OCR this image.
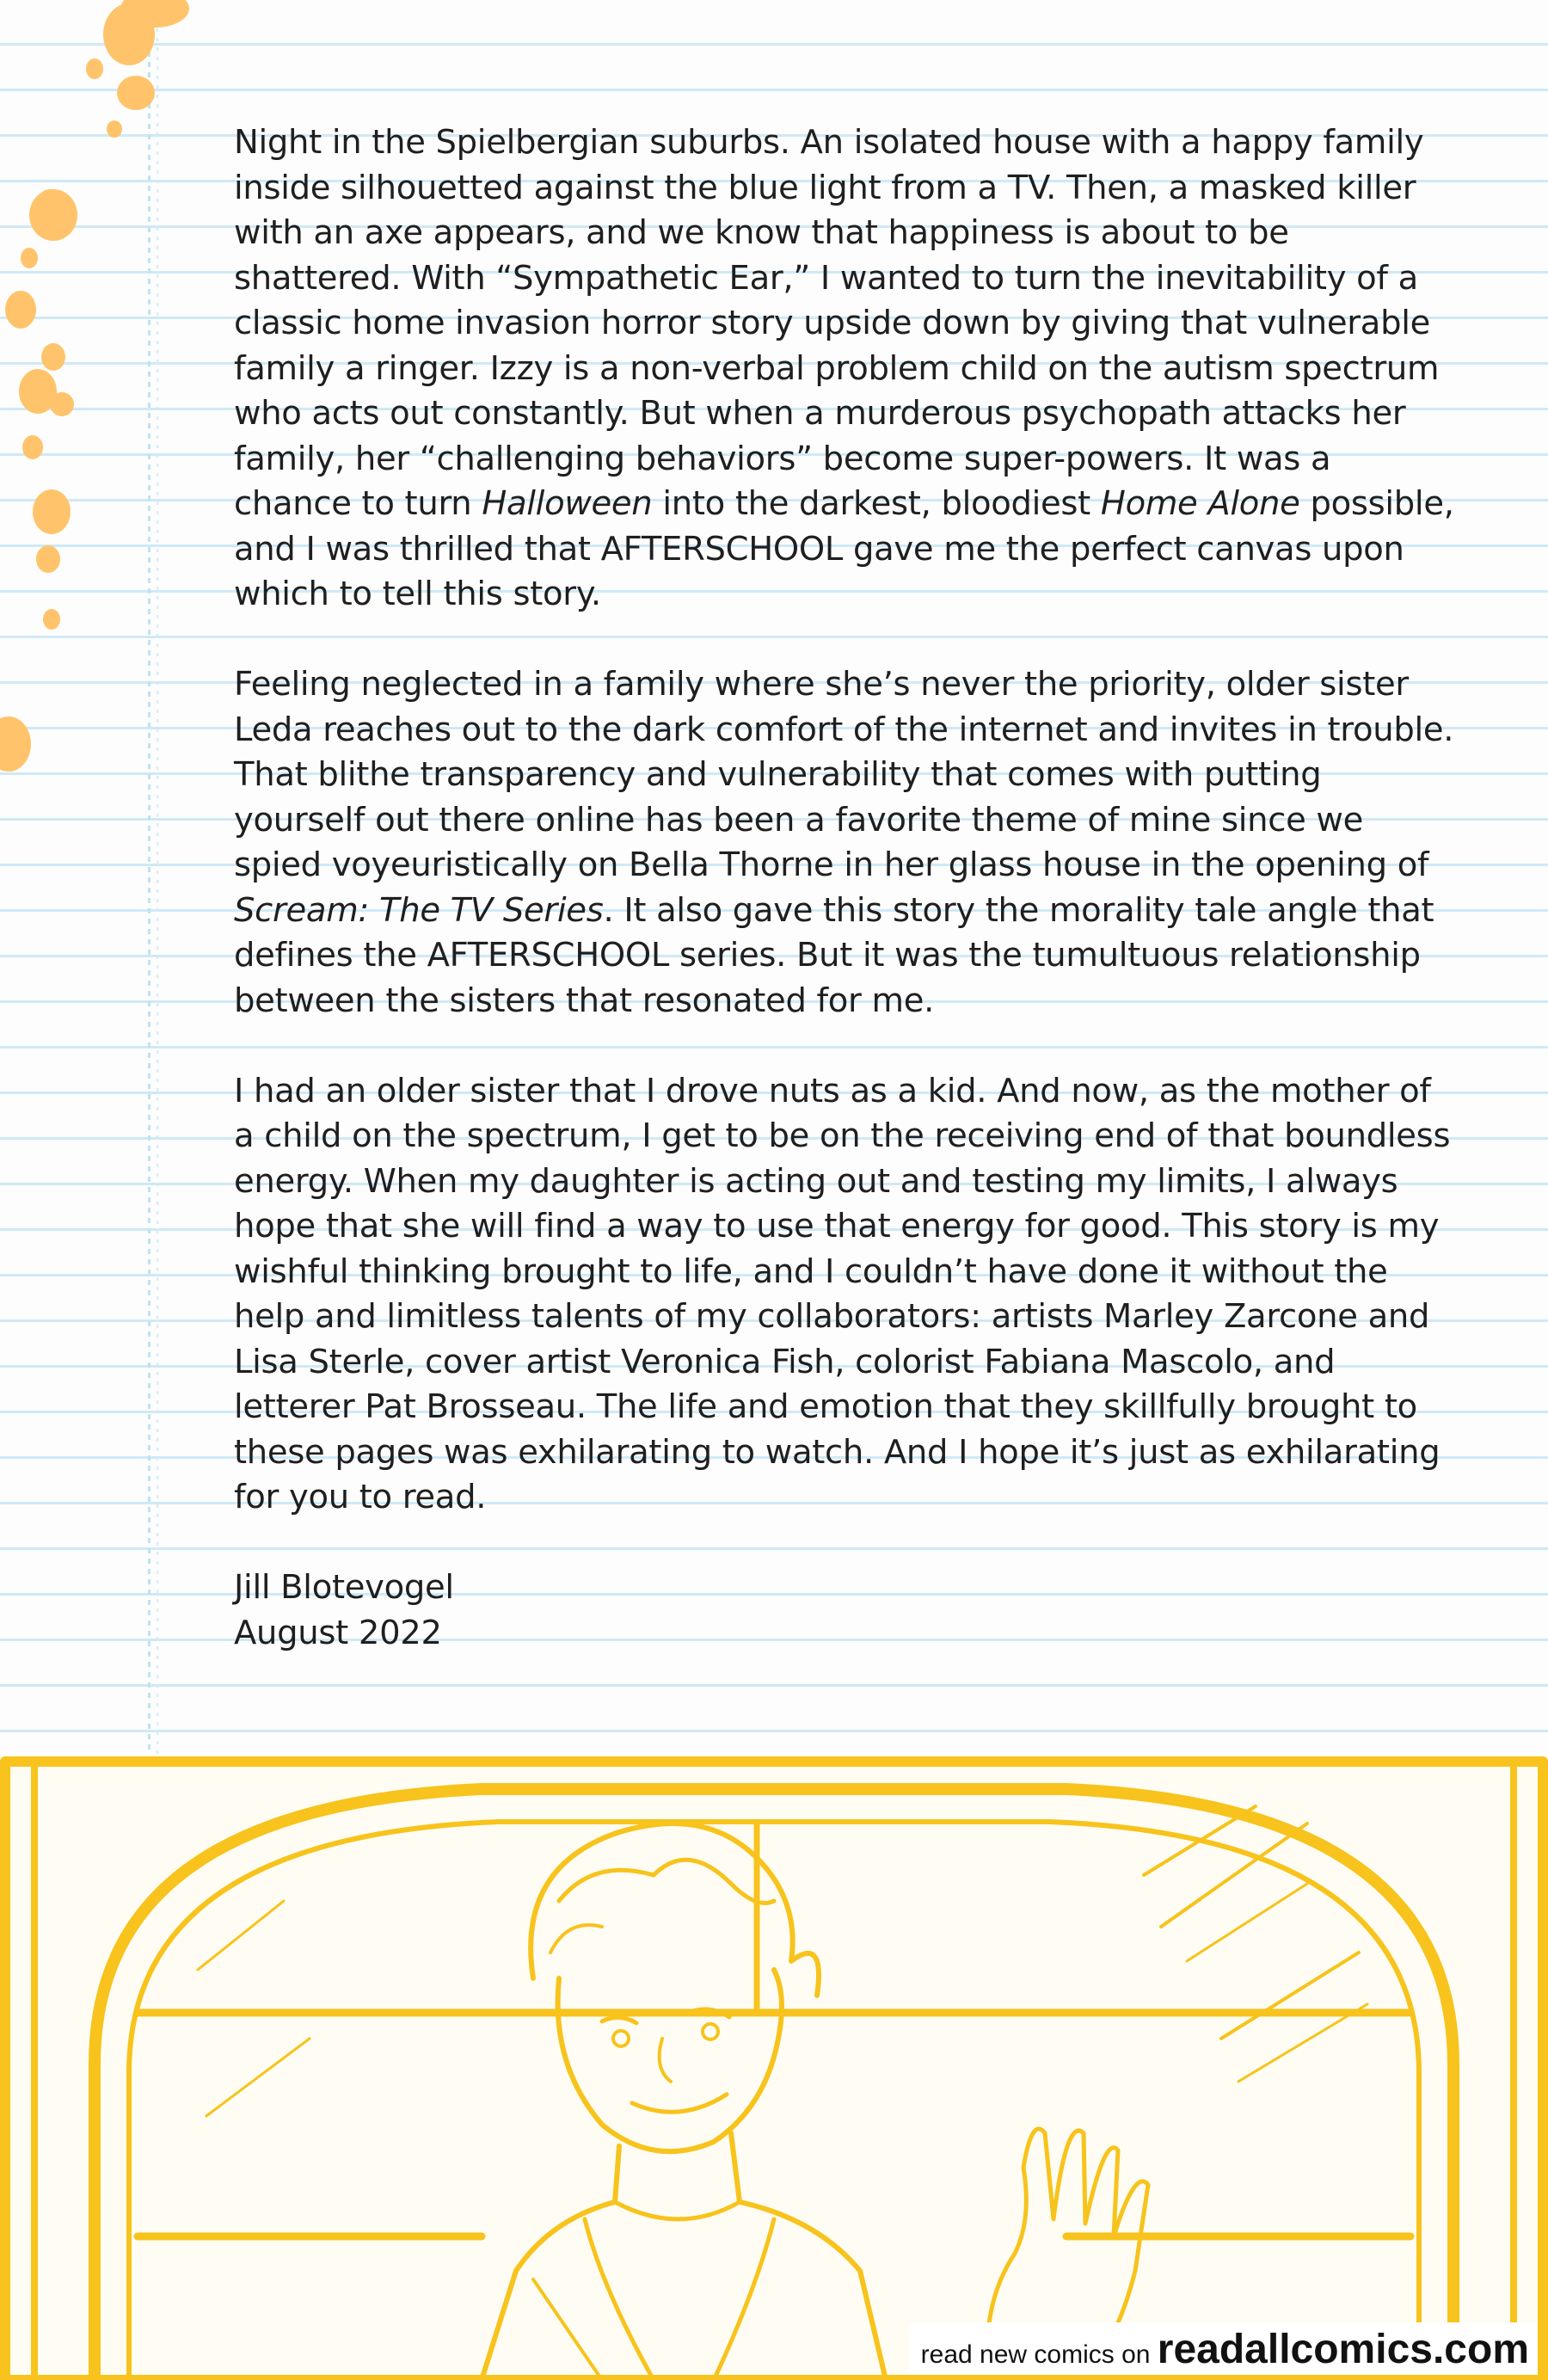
Night in the Spielbergian suburbs. An isolated house with a happy family inside silhouetted against the blue light from a TV. Then, a masked killer with an axe appears, and we know that happiness is about to be shattered. With “Sympathetic Ear,” I wanted to turn the inevitability of a classic home invasion horror story upside down by giving that vulnerable family a ringer. Izzy is a non-verbal problem child on the autism spectrum who acts out constantly. But when a murderous psychopath attacks her family, her “challenging behaviors” become super-powers. It was a chance to turn Halloween into the darkest, bloodiest Home Alone possible, and I was thrilled that AFTERSCHOOL gave me the perfect canvas upon which to tell this story.

Feeling neglected in a family where she’s never the priority, older sister Leda reaches out to the dark comfort of the internet and invites in trouble. That blithe transparency and vulnerability that comes with putting yourself out there online has been a favorite theme of mine since we spied voyeuristically on Bella Thorne in her glass house in the opening of Scream: The TV Series. It also gave this story the morality tale angle that defines the AFTERSCHOOL series. But it was the tumultuous relationship between the sisters that resonated for me.

I had an older sister that I drove nuts as a kid. And now, as the mother of a child on the spectrum, I get to be on the receiving end of that boundless energy. When my daughter is acting out and testing my limits, I always hope that she will find a way to use that energy for good. This story is my wishful thinking brought to life, and I couldn’t have done it without the help and limitless talents of my collaborators: artists Marley Zarcone and Lisa Sterle, cover artist Veronica Fish, colorist Fabiana Mascolo, and letterer Pat Brosseau. The life and emotion that they skillfully brought to these pages was exhilarating to watch. And I hope it’s just as exhilarating for you to read.

Jill Blotevogel

August 2022

read new comics on readallcomics.com
